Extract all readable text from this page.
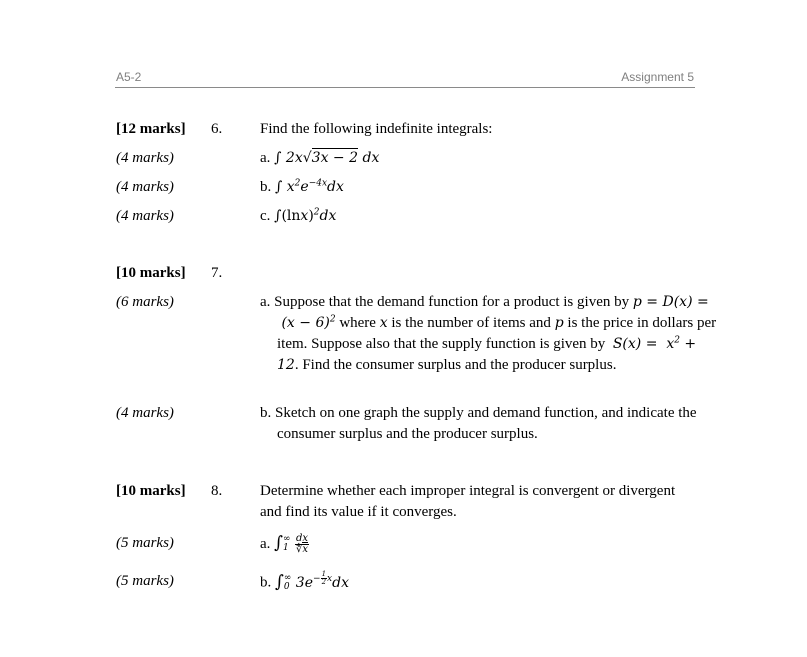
A5-2	Assignment 5
[12 marks] 6.	Find the following indefinite integrals:
(4 marks)	a. ∫ 2x√3x − 2 dx
(4 marks)	b. ∫ $x^2e^{-4x}dx$
(4 marks)	c. $\int(\ln x)^2dx$
[10 marks] 7.
(6 marks)	a. Suppose that the demand function for a product is given by $p = D(x) = (x - 6)^2$ where x is the number of items and p is the price in dollars per item. Suppose also that the supply function is given by $S(x) = x^2 + 12$. Find the consumer surplus and the producer surplus.
(4 marks)	b. Sketch on one graph the supply and demand function, and indicate the consumer surplus and the producer surplus.
[10 marks] 8.	Determine whether each improper integral is convergent or divergent and find its value if it converges.
(5 marks)	a. ∫ ∞
1
$\frac{dx}{∜x}$
(5 marks)	b. ∫ ∞
0 $3e^{- \frac{1}{2} x}dx$
